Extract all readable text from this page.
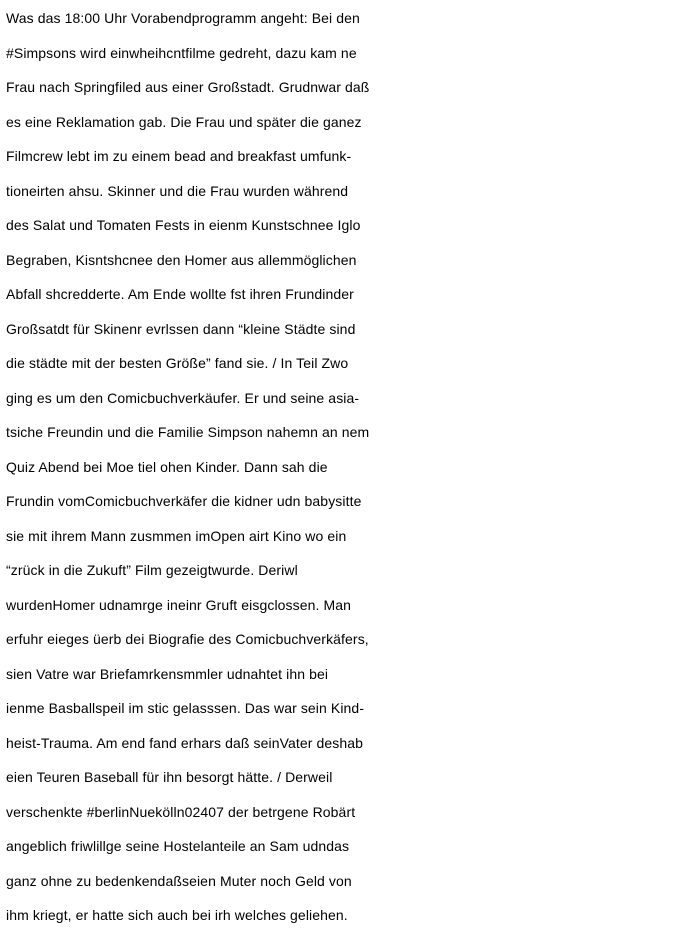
Was das 18:00 Uhr Vorabendprogramm angeht: Bei den
#Simpsons wird einwheihcntfilme gedreht, dazu kam ne
Frau nach Springfiled aus einer Großstadt. Grudnwar daß
es eine Reklamation gab. Die Frau und später die ganez
Filmcrew lebt im zu einem bead and breakfast umfunk-
tioneirten ahsu. Skinner und die Frau wurden während
des Salat und Tomaten Fests in eienm Kunstschnee Iglo
Begraben, Kisntshcnee den Homer aus allemmöglichen
Abfall shcredderte. Am Ende wollte fst ihren Frundinder
Großsatdt für Skinenr evrlssen dann “kleine Städte sind
die städte mit der besten Größe” fand sie. / In Teil Zwo
ging es um den Comicbuchverkäufer. Er und seine asia-
tsiche Freundin und die Familie Simpson nahemn an nem
Quiz Abend bei Moe tiel ohen Kinder. Dann sah die
Frundin vomComicbuchverkäfer die kidner udn babysitte
sie mit ihrem Mann zusmmen imOpen airt Kino wo ein
“zrück in die Zukuft” Film gezeigtwurde. Deriwl
wurdenHomer udnamrge ineinr Gruft eisgclossen. Man
erfuhr eieges üerb dei Biografie des Comicbuchverkäfers,
sien Vatre war Briefamrkensmmler udnahtet ihn bei
ienme Basballspeil im stic gelasssen. Das war sein Kind-
heist-Trauma. Am end fand erhars daß seinVater deshab
eien Teuren Baseball für ihn besorgt hätte. / Derweil
verschenkte #berlinNuekölln02407 der betrgene Robärt
angeblich friwlillge seine Hostelanteile an Sam udndas
ganz ohne zu bedenkendaßseien Muter noch Geld von
ihm kriegt, er hatte sich auch bei irh welches geliehen.
